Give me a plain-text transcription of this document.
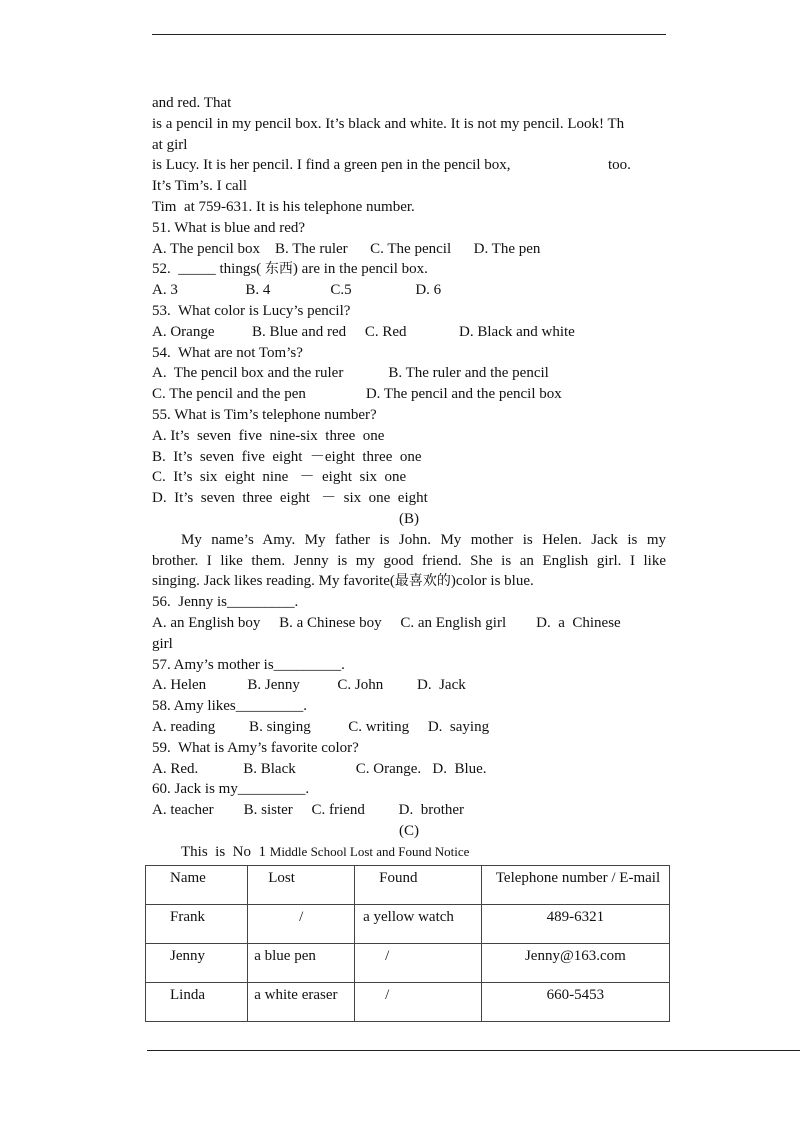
and red. That
is a pencil in my pencil box. It’s black and white. It is not my pencil. Look! Th
at girl
is Lucy. It is her pencil. I find a green pen in the pencil box,                          too.
It’s Tim’s. I call
Tim  at 759-631. It is his telephone number.
51. What is blue and red?
A. The pencil box    B. The ruler      C. The pencil      D. The pen
52.  _____ things( 东西) are in the pencil box.
A. 3                  B. 4                C.5                 D. 6
53.  What color is Lucy’s pencil?
A. Orange          B. Blue and red     C. Red              D. Black and white
54.  What are not Tom’s?
A.  The pencil box and the ruler            B. The ruler and the pencil
C. The pencil and the pen                D. The pencil and the pencil box
55. What is Tim’s telephone number?
A. It’s  seven  five  nine-six  three  one
B.  It’s  seven  five  eight  －eight  three  one
C.  It’s  six  eight  nine   －  eight  six  one
D.  It’s  seven  three  eight   －  six  one  eight
(B)
My name’s Amy. My father is John. My mother is Helen. Jack is my
brother. I like them. Jenny is my good friend. She is an English girl. I like
singing. Jack likes reading. My favorite(最喜欢的)color is blue.
56.  Jenny is_________.
A. an English boy     B. a Chinese boy     C. an English girl        D.  a  Chinese
girl
57. Amy’s mother is_________.
A. Helen           B. Jenny          C. John         D.  Jack
58. Amy likes_________.
A. reading         B. singing          C. writing     D.  saying
59.  What is Amy’s favorite color?
A. Red.            B. Black                C. Orange.   D.  Blue.
60. Jack is my_________.
A. teacher        B. sister     C. friend         D.  brother
(C)
This  is  No  1 Middle School Lost and Found Notice
Name	Lost	Found	Telephone number / E-mail
Frank	/	a yellow watch	489-6321
Jenny	a blue pen	/	Jenny@163.com
Linda	a white eraser	/	660-5453
